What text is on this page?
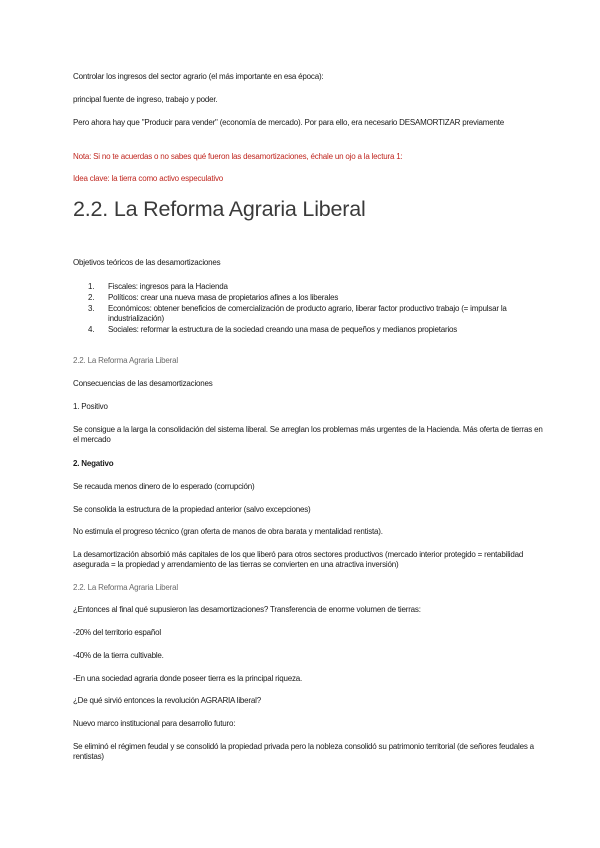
Controlar los ingresos del sector agrario (el más importante en esa época):

principal fuente de ingreso, trabajo y poder.

Pero ahora hay que "Producir para vender" (economía de mercado). Por para ello, era necesario DESAMORTIZAR previamente

Nota: Si no te acuerdas o no sabes qué fueron las desamortizaciones, échale un ojo a la lectura 1:

Idea clave: la tierra como activo especulativo

2.2. La Reforma Agraria Liberal

Objetivos teóricos de las desamortizaciones

1.	Fiscales: ingresos para la Hacienda
2.	Políticos: crear una nueva masa de propietarios afines a los liberales
3.	Económicos: obtener beneficios de comercialización de producto agrario, liberar factor productivo trabajo (= impulsar la industrialización)
4.	Sociales: reformar la estructura de la sociedad creando una masa de pequeños y medianos propietarios

2.2. La Reforma Agraria Liberal

Consecuencias de las desamortizaciones

1. Positivo

Se consigue a la larga la consolidación del sistema liberal. Se arreglan los problemas más urgentes de la Hacienda. Más oferta de tierras en el mercado

2. Negativo

Se recauda menos dinero de lo esperado (corrupción)

Se consolida la estructura de la propiedad anterior (salvo excepciones)

No estimula el progreso técnico (gran oferta de manos de obra barata y mentalidad rentista).

La desamortización absorbió más capitales de los que liberó para otros sectores productivos (mercado interior protegido = rentabilidad asegurada = la propiedad y arrendamiento de las tierras se convierten en una atractiva inversión)

2.2. La Reforma Agraria Liberal

¿Entonces al final qué supusieron las desamortizaciones? Transferencia de enorme volumen de tierras:

-20% del territorio español

-40% de la tierra cultivable.

-En una sociedad agraria donde poseer tierra es la principal riqueza.

¿De qué sirvió entonces la revolución AGRARIA liberal?

Nuevo marco institucional para desarrollo futuro:

Se eliminó el régimen feudal y se consolidó la propiedad privada pero la nobleza consolidó su patrimonio territorial (de señores feudales a rentistas)
